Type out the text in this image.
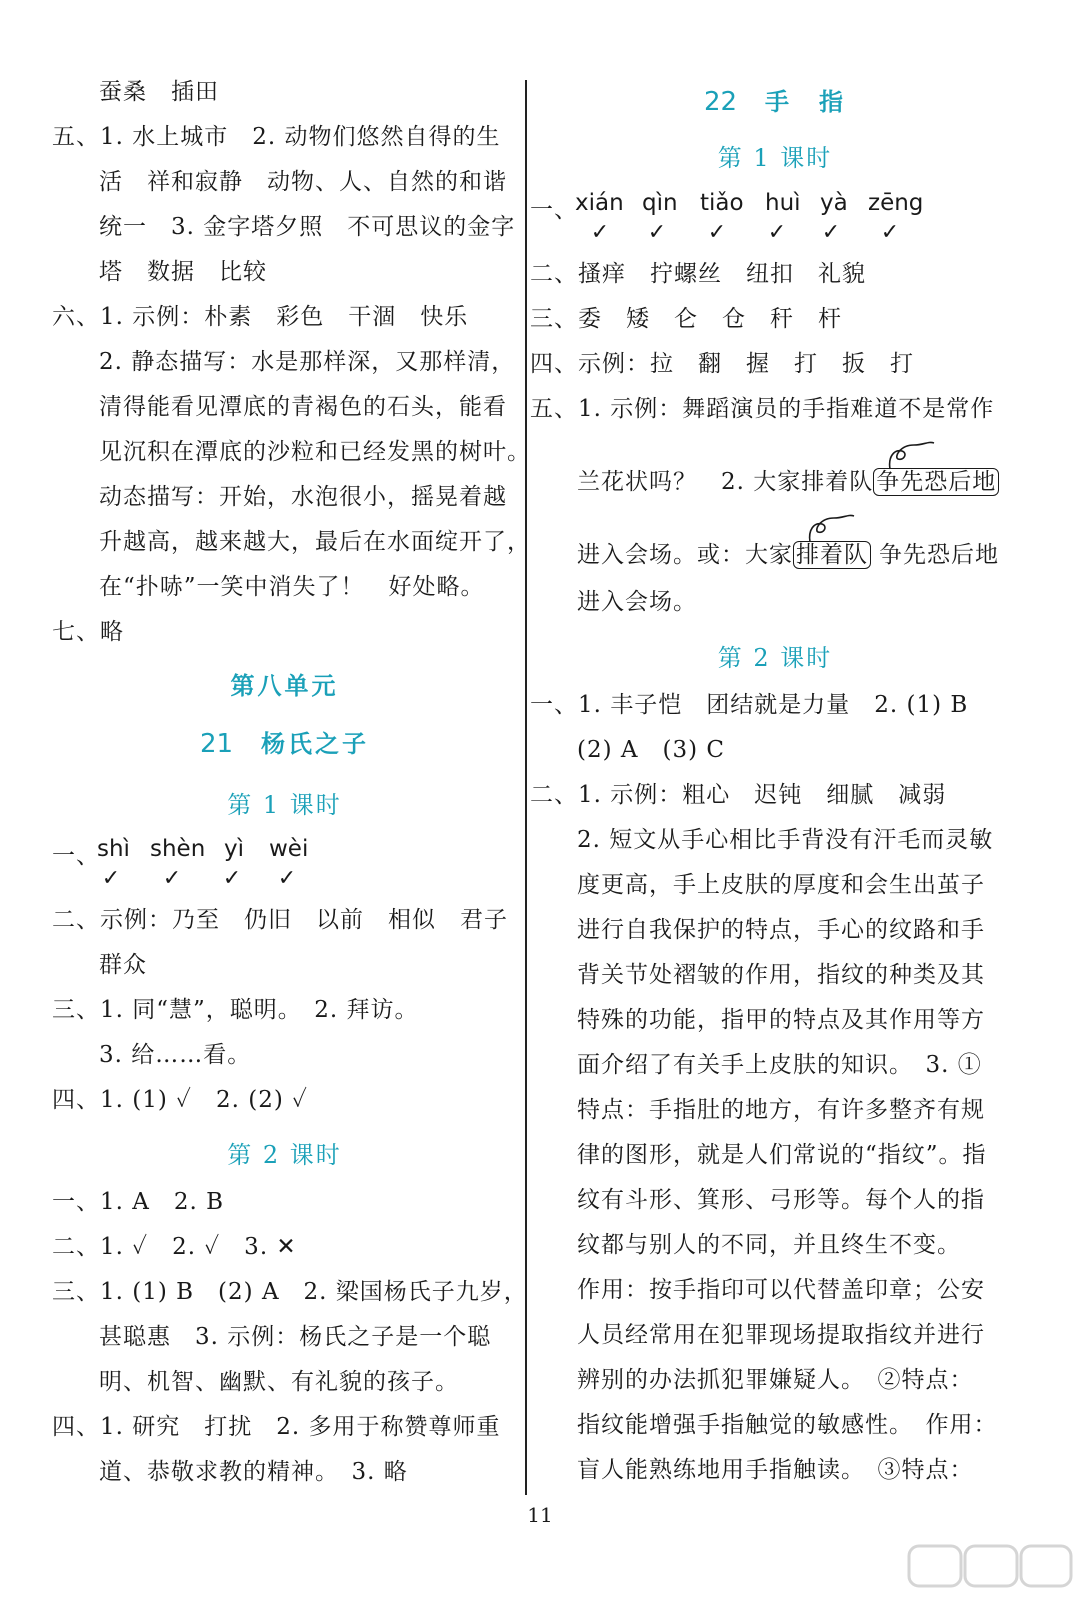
蚕桑　插田
五、1. 水上城市　2. 动物们悠然自得的生
活　祥和寂静　动物、人、自然的和谐
统一　3. 金字塔夕照　不可思议的金字
塔　数据　比较
六、1. 示例：朴素　彩色　干涸　快乐
2. 静态描写：水是那样深，又那样清，
清得能看见潭底的青褐色的石头，能看
见沉积在潭底的沙粒和已经发黑的树叶。
动态描写：开始，水泡很小，摇晃着越
升越高，越来越大，最后在水面绽开了，
在“扑哧”一笑中消失了！　好处略。
七、略
第八单元
21 杨氏之子
第 1 课时
一、
shì shèn yì wèi
✓ ✓ ✓ ✓
二、示例：乃至　仍旧　以前　相似　君子
群众
三、1. 同“慧”，聪明。　2. 拜访。
3. 给……看。
四、1. (1) ✓　2. (2) ✓
第 2 课时
一、1. A　2. B
二、1. ✓　2. ✓　3. ✕
三、1. (1) B　(2) A　2. 梁国杨氏子九岁，
甚聪惠　3. 示例：杨氏之子是一个聪
明、机智、幽默、有礼貌的孩子。
四、1. 研究　打扰　2. 多用于称赞尊师重
道、恭敬求教的精神。　3. 略
22 手　指
第 1 课时
一、
xián qìn tiǎo huì yà zēng
✓ ✓ ✓ ✓ ✓ ✓
二、搔痒　拧螺丝　纽扣　礼貌
三、委　矮　仑　仓　秆　杆
四、示例：拉　翻　握　打　扳　打
五、1. 示例：舞蹈演员的手指难道不是常作
兰花状吗？　2. 大家排着队 争先恐后地
进入会场。或：大家 排着队 争先恐后地
进入会场。
第 2 课时
一、1. 丰子恺　团结就是力量　2. (1) B
(2) A　(3) C
二、1. 示例：粗心　迟钝　细腻　减弱
2. 短文从手心相比手背没有汗毛而灵敏
度更高，手上皮肤的厚度和会生出茧子
进行自我保护的特点，手心的纹路和手
背关节处褶皱的作用，指纹的种类及其
特殊的功能，指甲的特点及其作用等方
面介绍了有关手上皮肤的知识。　3. ①
特点：手指肚的地方，有许多整齐有规
律的图形，就是人们常说的“指纹”。指
纹有斗形、箕形、弓形等。每个人的指
纹都与别人的不同，并且终生不变。
作用：按手指印可以代替盖印章；公安
人员经常用在犯罪现场提取指纹并进行
辨别的办法抓犯罪嫌疑人。　②特点：
指纹能增强手指触觉的敏感性。　作用：
盲人能熟练地用手指触读。　③特点：
11
